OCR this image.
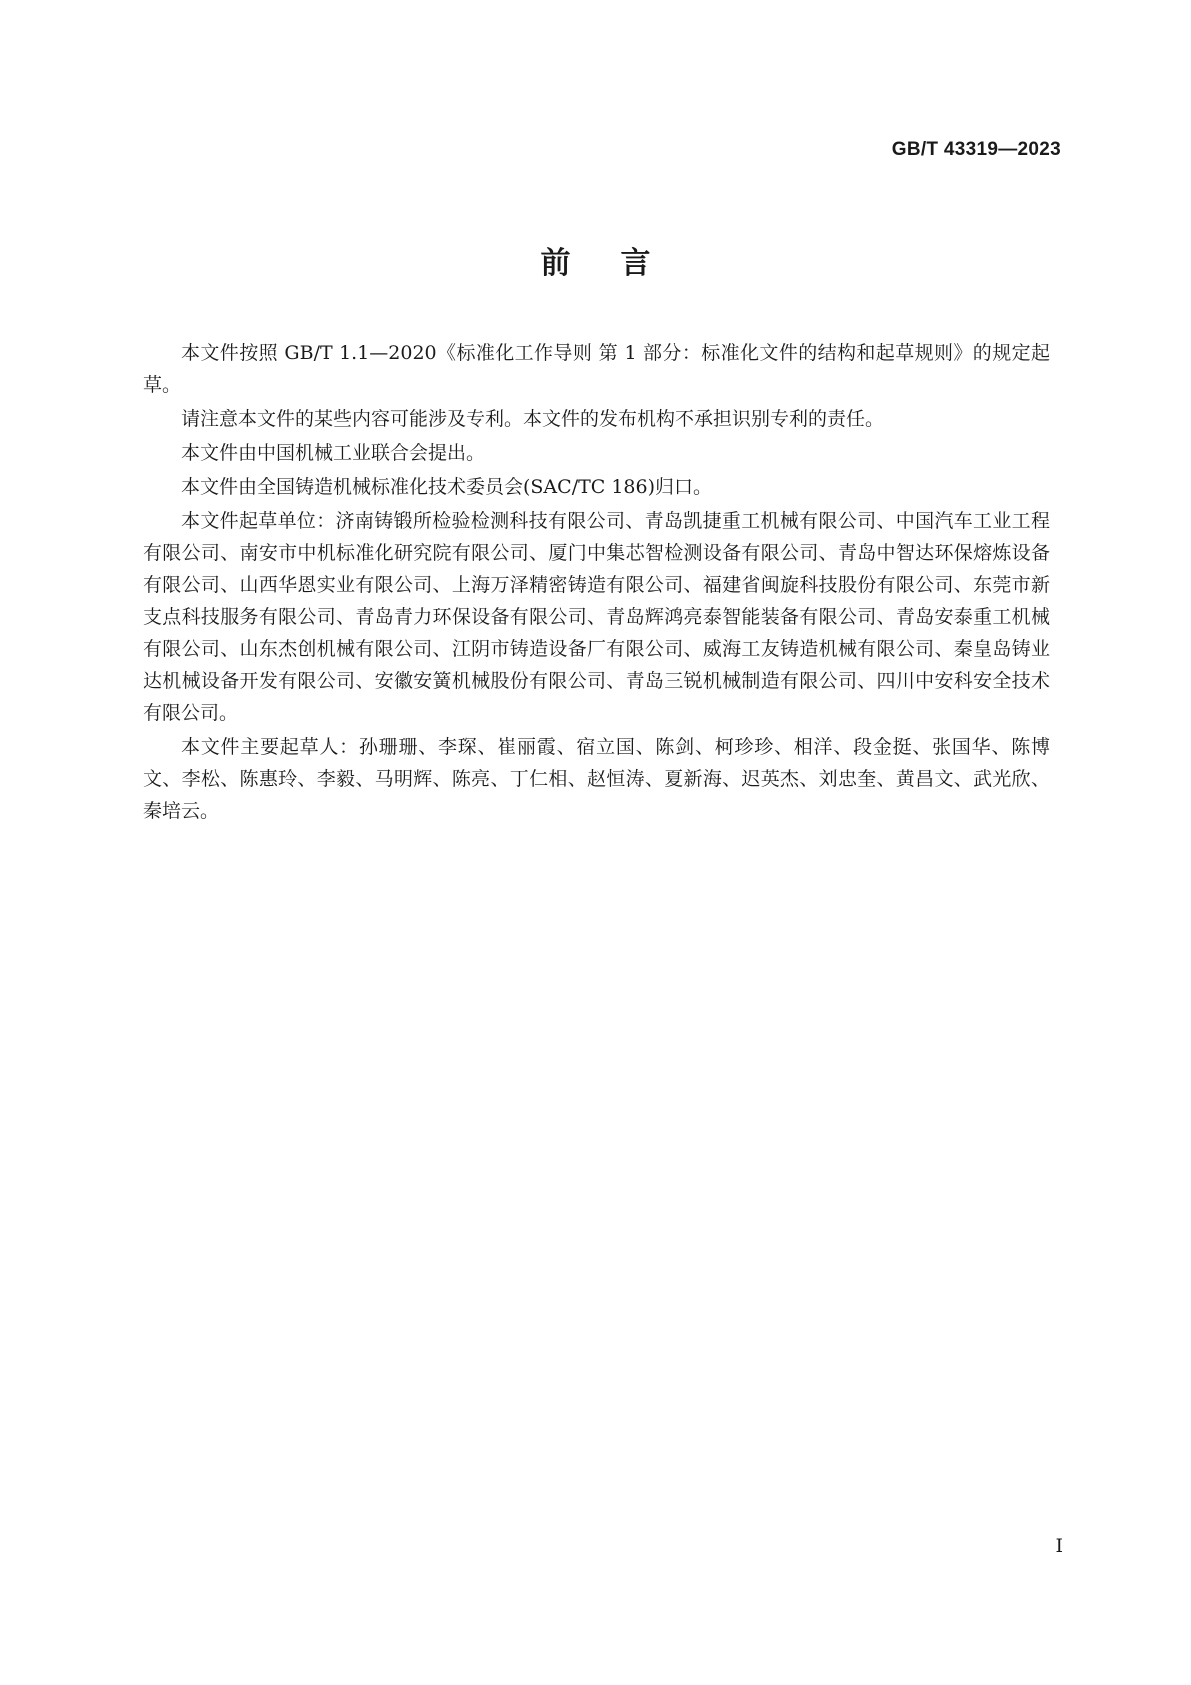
GB/T 43319—2023
前言

本文件按照 GB/T 1.1—2020《标准化工作导则 第 1 部分：标准化文件的结构和起草规则》的规定起草。

请注意本文件的某些内容可能涉及专利。本文件的发布机构不承担识别专利的责任。

本文件由中国机械工业联合会提出。

本文件由全国铸造机械标准化技术委员会(SAC/TC 186)归口。

本文件起草单位：济南铸锻所检验检测科技有限公司、青岛凯捷重工机械有限公司、中国汽车工业工程有限公司、南安市中机标准化研究院有限公司、厦门中集芯智检测设备有限公司、青岛中智达环保熔炼设备有限公司、山西华恩实业有限公司、上海万泽精密铸造有限公司、福建省闽旋科技股份有限公司、东莞市新支点科技服务有限公司、青岛青力环保设备有限公司、青岛辉鸿亮泰智能装备有限公司、青岛安泰重工机械有限公司、山东杰创机械有限公司、江阴市铸造设备厂有限公司、威海工友铸造机械有限公司、秦皇岛铸业达机械设备开发有限公司、安徽安簧机械股份有限公司、青岛三锐机械制造有限公司、四川中安科安全技术有限公司。

本文件主要起草人：孙珊珊、李琛、崔丽霞、宿立国、陈剑、柯珍珍、相洋、段金挺、张国华、陈博文、李松、陈惠玲、李毅、马明辉、陈亮、丁仁相、赵恒涛、夏新海、迟英杰、刘忠奎、黄昌文、武光欣、秦培云。

I
